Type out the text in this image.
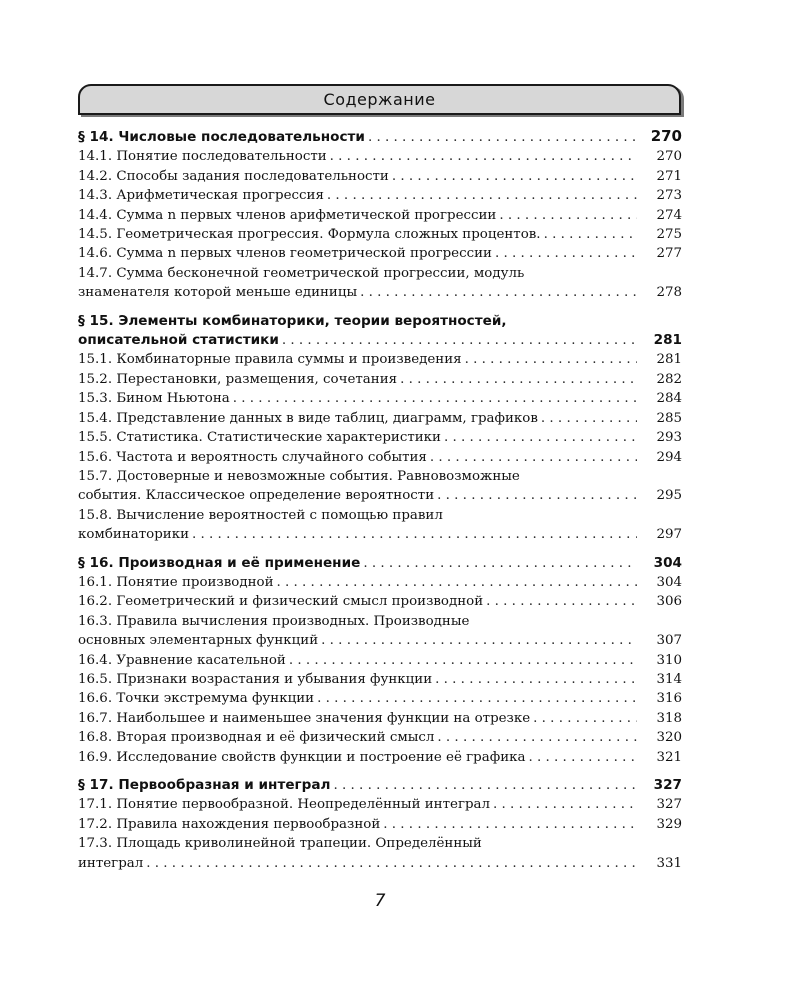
Содержание
§ 14. Числовые последовательности . . .	270
14.1. Понятие последовательности . . .	270
14.2. Способы задания последовательности . . .	271
14.3. Арифметическая прогрессия . . .	273
14.4. Сумма n первых членов арифметической прогрессии . . .	274
14.5. Геометрическая прогрессия. Формула сложных процентов. . . .	275
14.6. Сумма n первых членов геометрической прогрессии . . .	277
14.7. Сумма бесконечной геометрической прогрессии, модуль
знаменателя которой меньше единицы . . .	278
§ 15. Элементы комбинаторики, теории вероятностей,
описательной статистики . . .	281
15.1. Комбинаторные правила суммы и произведения . . .	281
15.2. Перестановки, размещения, сочетания . . .	282
15.3. Бином Ньютона . . .	284
15.4. Представление данных в виде таблиц, диаграмм, графиков . . .	285
15.5. Статистика. Статистические характеристики . . .	293
15.6. Частота и вероятность случайного события . . .	294
15.7. Достоверные и невозможные события. Равновозможные
события. Классическое определение вероятности . . .	295
15.8. Вычисление вероятностей с помощью правил
комбинаторики . . .	297
§ 16. Производная и её применение . . .	304
16.1. Понятие производной . . .	304
16.2. Геометрический и физический смысл производной . . .	306
16.3. Правила вычисления производных. Производные
основных элементарных функций . . .	307
16.4. Уравнение касательной . . .	310
16.5. Признаки возрастания и убывания функции . . .	314
16.6. Точки экстремума функции . . .	316
16.7. Наибольшее и наименьшее значения функции на отрезке . . .	318
16.8. Вторая производная и её физический смысл . . .	320
16.9. Исследование свойств функции и построение её графика . . .	321
§ 17. Первообразная и интеграл . . .	327
17.1. Понятие первообразной. Неопределённый интеграл . . .	327
17.2. Правила нахождения первообразной . . .	329
17.3. Площадь криволинейной трапеции. Определённый
интеграл . . .	331
7
